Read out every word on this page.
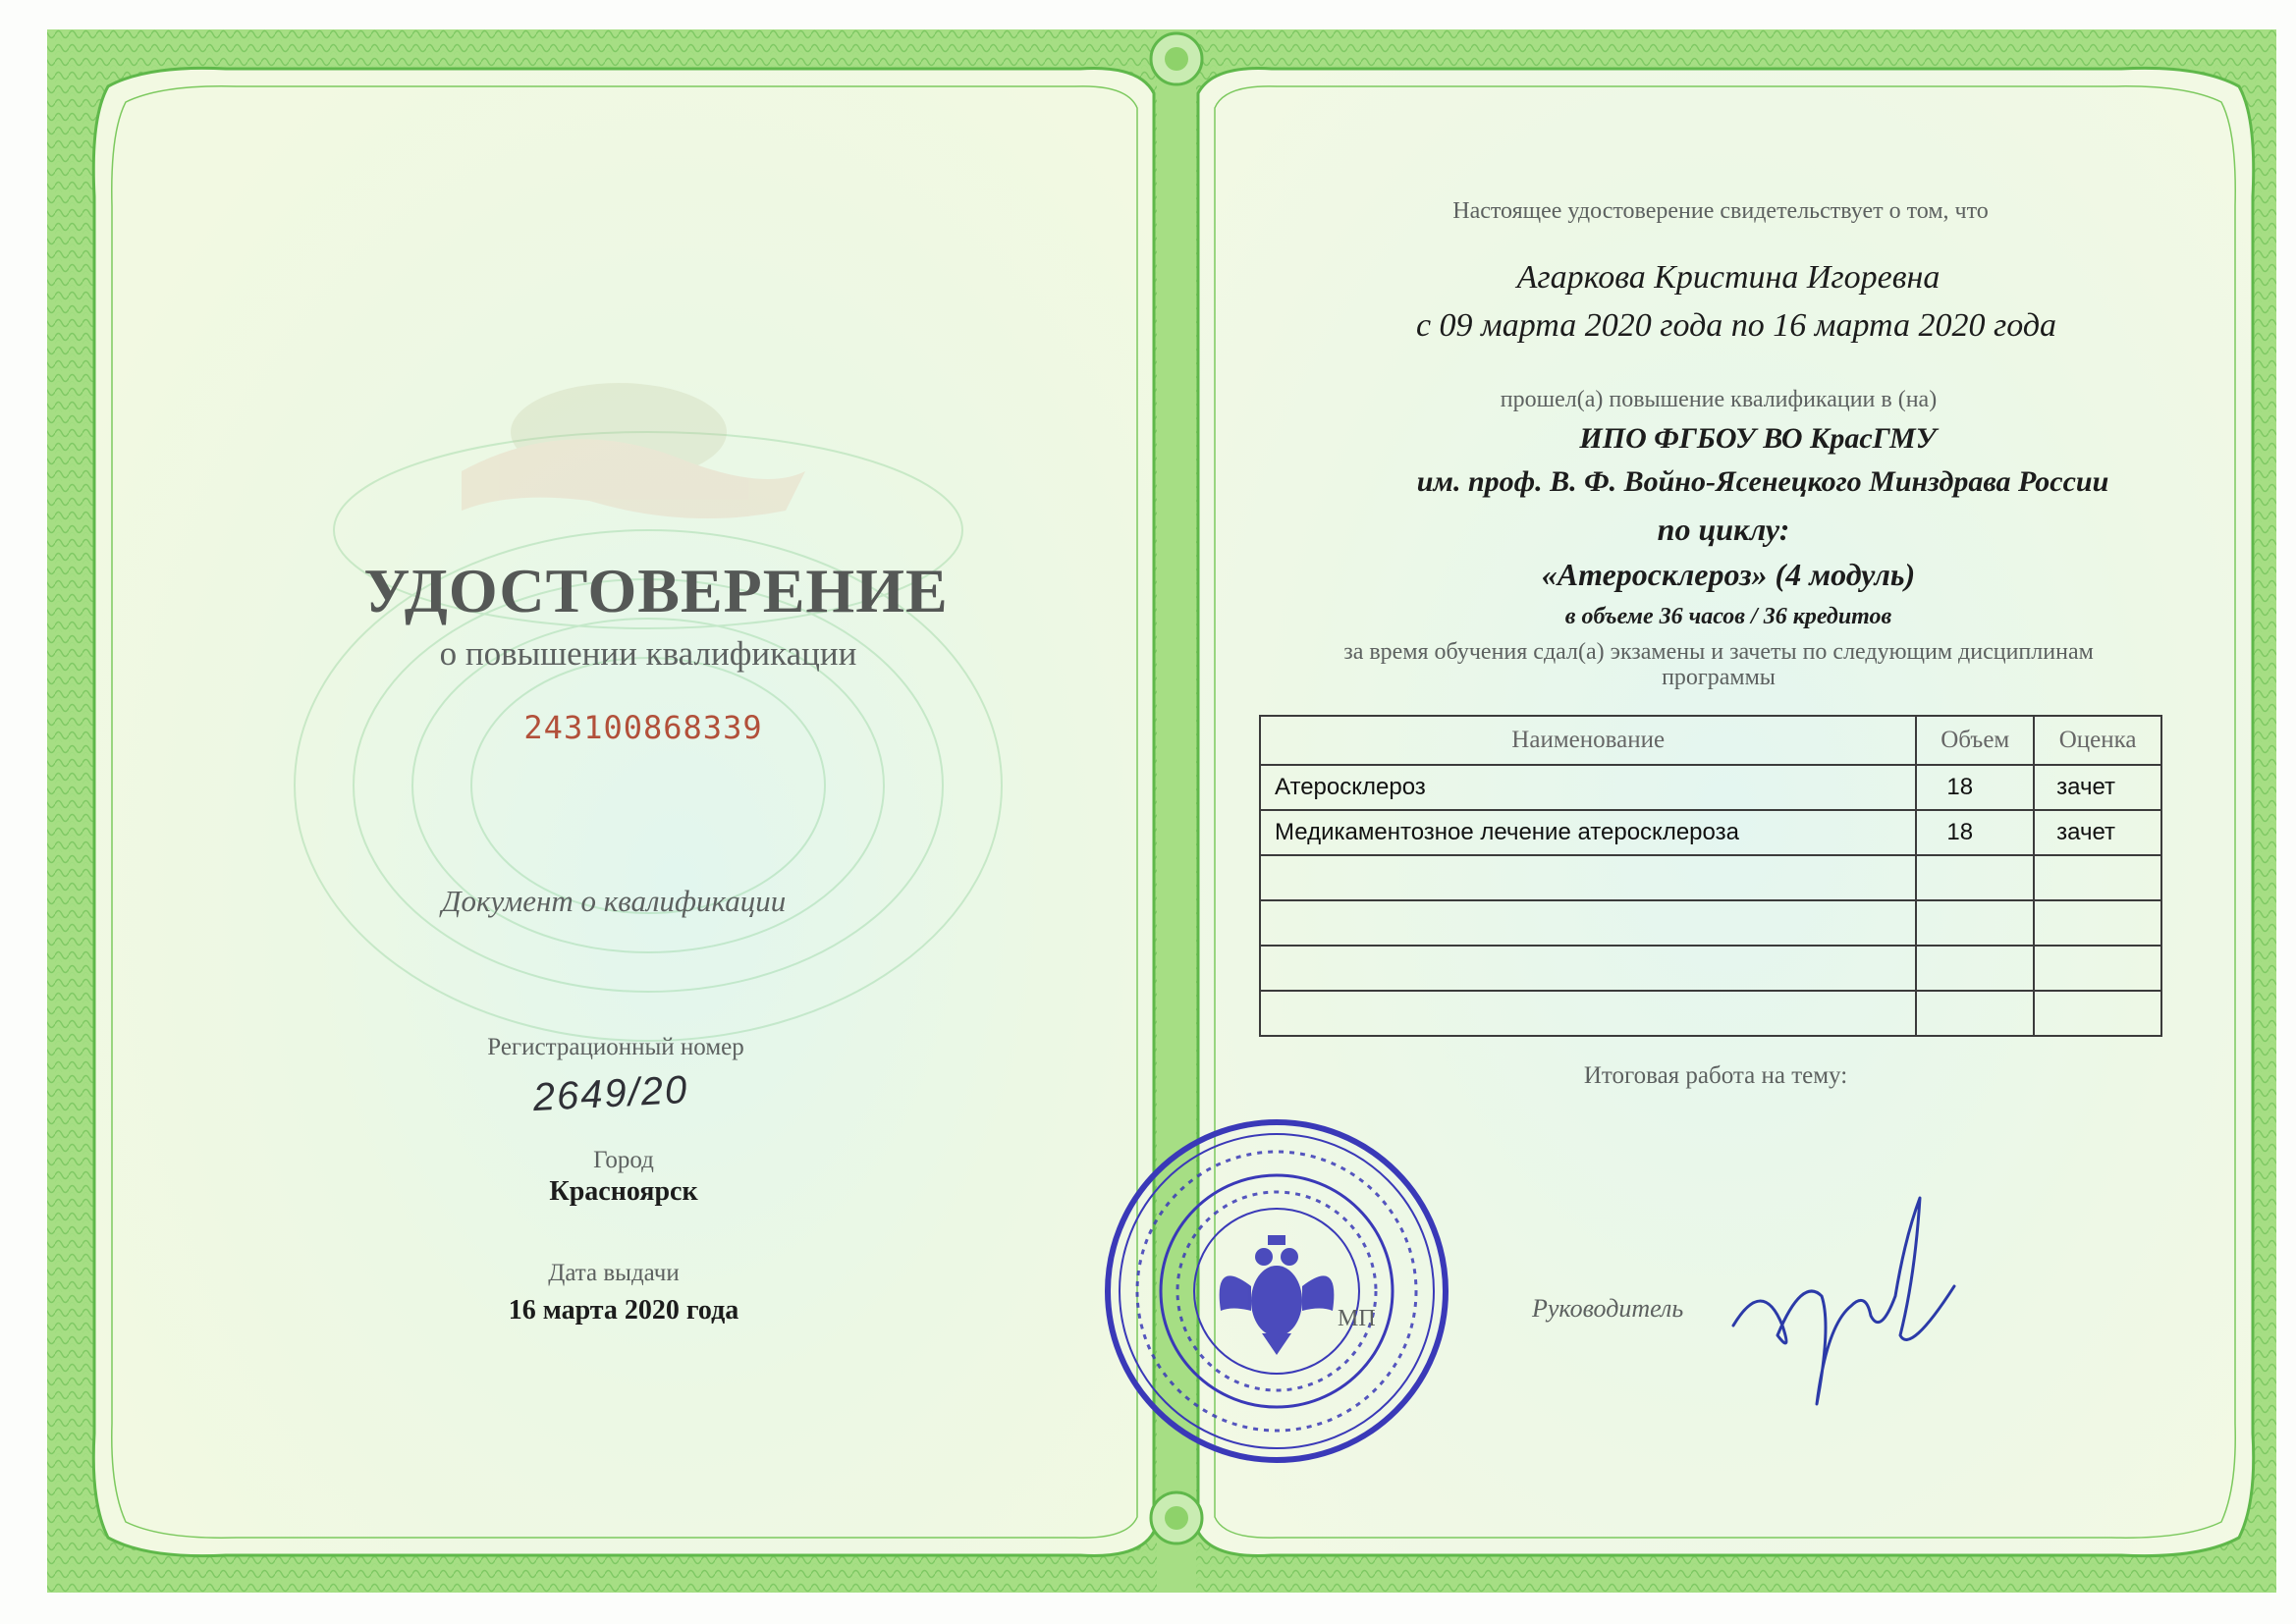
УДОСТОВЕРЕНИЕ
о повышении квалификации
243100868339
Документ о квалификации
Регистрационный номер
2649/20
Город
Красноярск
Дата выдачи
16 марта 2020 года
Настоящее удостоверение свидетельствует о том, что
Агаркова Кристина Игоревна
с 09 марта 2020 года по 16 марта 2020 года
прошел(а) повышение квалификации в (на)
ИПО ФГБОУ ВО КрасГМУ
им. проф. В. Ф. Войно-Ясенецкого Минздрава России
по циклу:
«Атеросклероз» (4 модуль)
в объеме 36 часов / 36 кредитов
за время обучения сдал(а) экзамены и зачеты по следующим дисциплинам
программы
Наименование	Объем	Оценка
Атеросклероз	18	зачет
Медикаментозное лечение атеросклероза	18	зачет

Итоговая работа на тему:
МП	Руководитель
